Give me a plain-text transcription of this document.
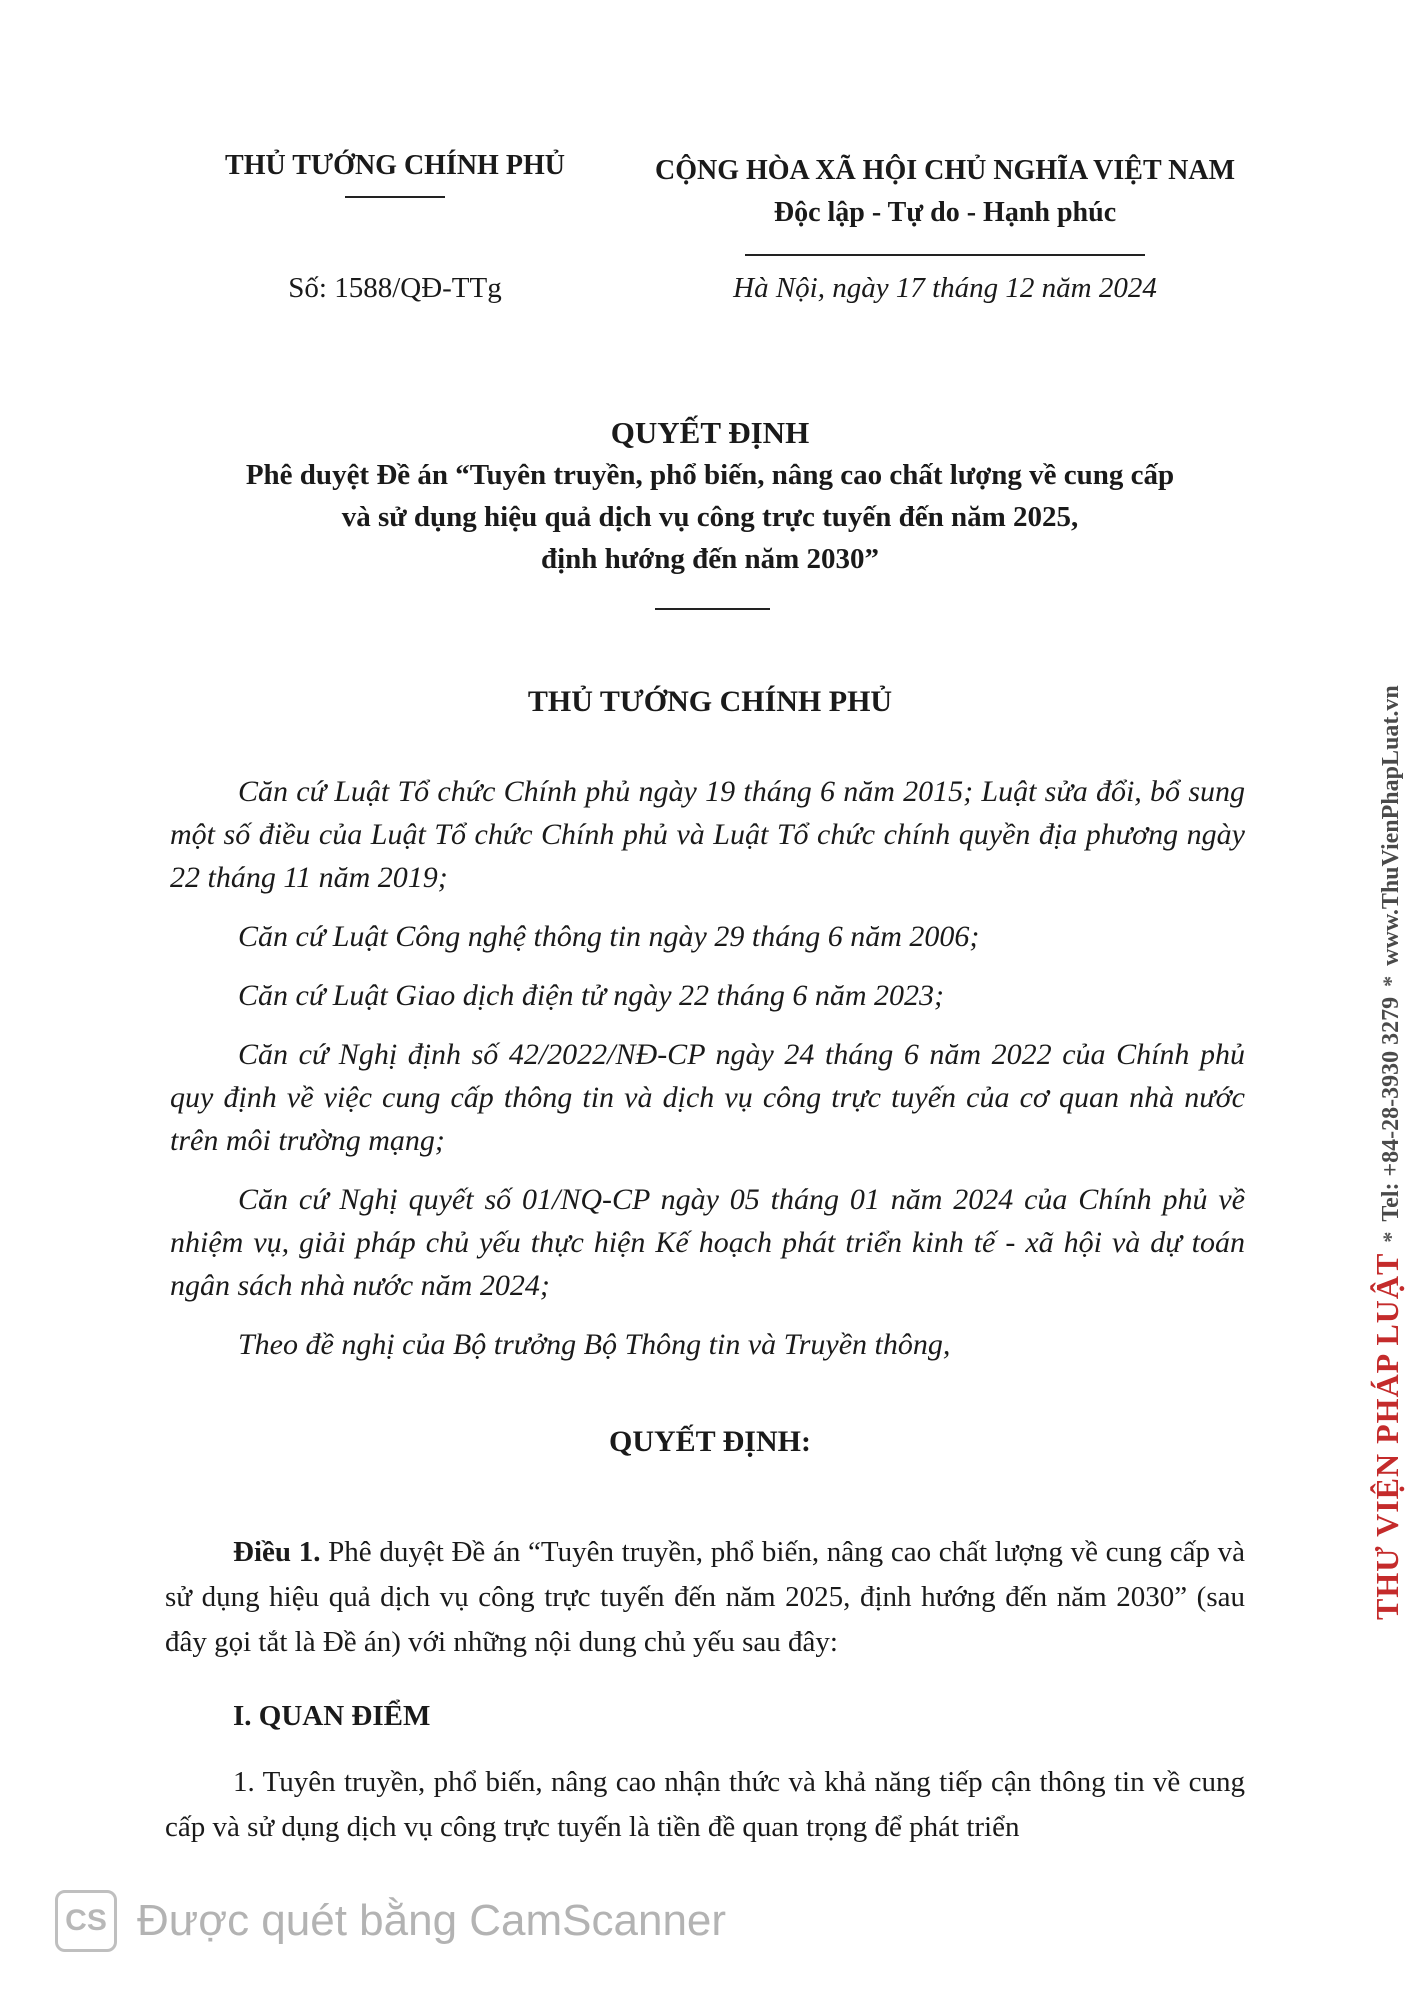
THỦ TƯỚNG CHÍNH PHỦ	CỘNG HÒA XÃ HỘI CHỦ NGHĨA VIỆT NAM
Độc lập - Tự do - Hạnh phúc
Số: 1588/QĐ-TTg	Hà Nội, ngày 17 tháng 12 năm 2024
QUYẾT ĐỊNH
Phê duyệt Đề án “Tuyên truyền, phổ biến, nâng cao chất lượng về cung cấp
và sử dụng hiệu quả dịch vụ công trực tuyến đến năm 2025,
định hướng đến năm 2030”
THỦ TƯỚNG CHÍNH PHỦ

Căn cứ Luật Tổ chức Chính phủ ngày 19 tháng 6 năm 2015; Luật sửa đổi, bổ sung một số điều của Luật Tổ chức Chính phủ và Luật Tổ chức chính quyền địa phương ngày 22 tháng 11 năm 2019;

Căn cứ Luật Công nghệ thông tin ngày 29 tháng 6 năm 2006;

Căn cứ Luật Giao dịch điện tử ngày 22 tháng 6 năm 2023;

Căn cứ Nghị định số 42/2022/NĐ-CP ngày 24 tháng 6 năm 2022 của Chính phủ quy định về việc cung cấp thông tin và dịch vụ công trực tuyến của cơ quan nhà nước trên môi trường mạng;

Căn cứ Nghị quyết số 01/NQ-CP ngày 05 tháng 01 năm 2024 của Chính phủ về nhiệm vụ, giải pháp chủ yếu thực hiện Kế hoạch phát triển kinh tế - xã hội và dự toán ngân sách nhà nước năm 2024;

Theo đề nghị của Bộ trưởng Bộ Thông tin và Truyền thông,

QUYẾT ĐỊNH:

Điều 1. Phê duyệt Đề án “Tuyên truyền, phổ biến, nâng cao chất lượng về cung cấp và sử dụng hiệu quả dịch vụ công trực tuyến đến năm 2025, định hướng đến năm 2030” (sau đây gọi tắt là Đề án) với những nội dung chủ yếu sau đây:

I. QUAN ĐIỂM

1. Tuyên truyền, phổ biến, nâng cao nhận thức và khả năng tiếp cận thông tin về cung cấp và sử dụng dịch vụ công trực tuyến là tiền đề quan trọng để phát triển

THƯ VIỆN PHÁP LUẬT*Tel: +84-28-3930 3279*www.ThuVienPhapLuat.vn
CS Được quét bằng CamScanner
